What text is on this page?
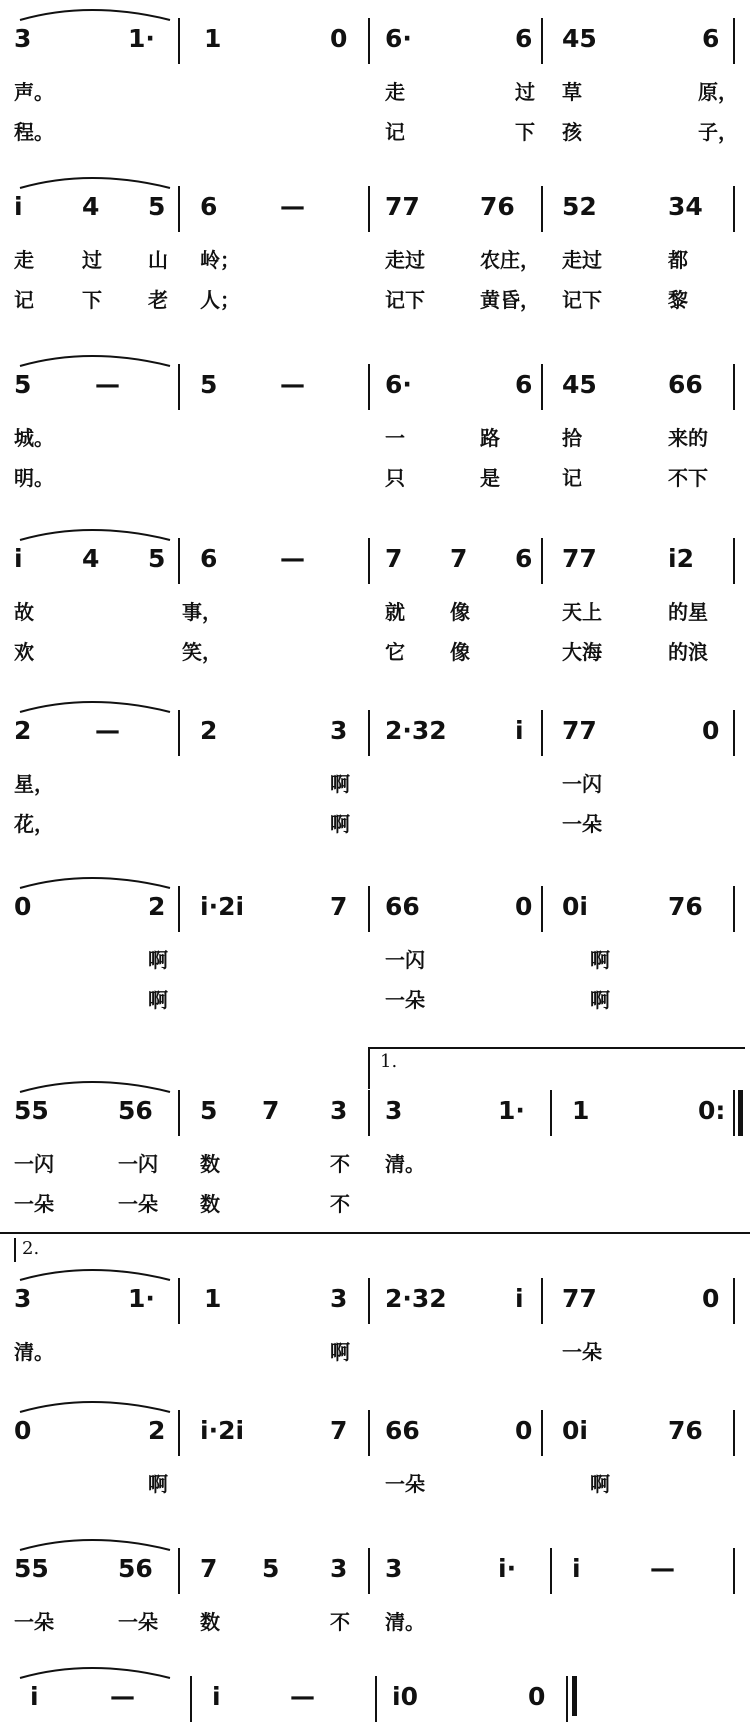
3	1· 1	0 6·	6 45	6
声。	走	过 草	原，
程。	记	下 孩	子，
i 4 5 6	—	77 76 52	34
走 过 山 岭；	走过	农庄， 走过	都
记 下 老 人；	记下	黄昏， 记下	黎
5	—	5	—	6·	6 45	66
城。	一	路	拾	来的
明。	只	是	记	不下
i 4 5 6	—	7 7 6 77	i2
故	事，	就 像	天上	的星
欢	笑，	它 像	大海	的浪
2	—	2	3 2·32	i 77	0
星，	啊	一闪
花，	啊	一朵
0	2 i·2i	7 66	0 0i	76
啊	一闪	啊
啊	一朵	啊
55	56 5 7 3 3	1· 1	0:
一闪	一闪 数	不 清。
一朵	一朵 数	不
3	1· 1	3 2·32	i 77	0
清。	啊	一朵
0	2 i·2i	7 66	0 0i	76
啊	一朵	啊
55	56 7 5 3 3	i· i	—
一朵	一朵 数	不 清。
i	—	i	—	i0	0
1.
2.
